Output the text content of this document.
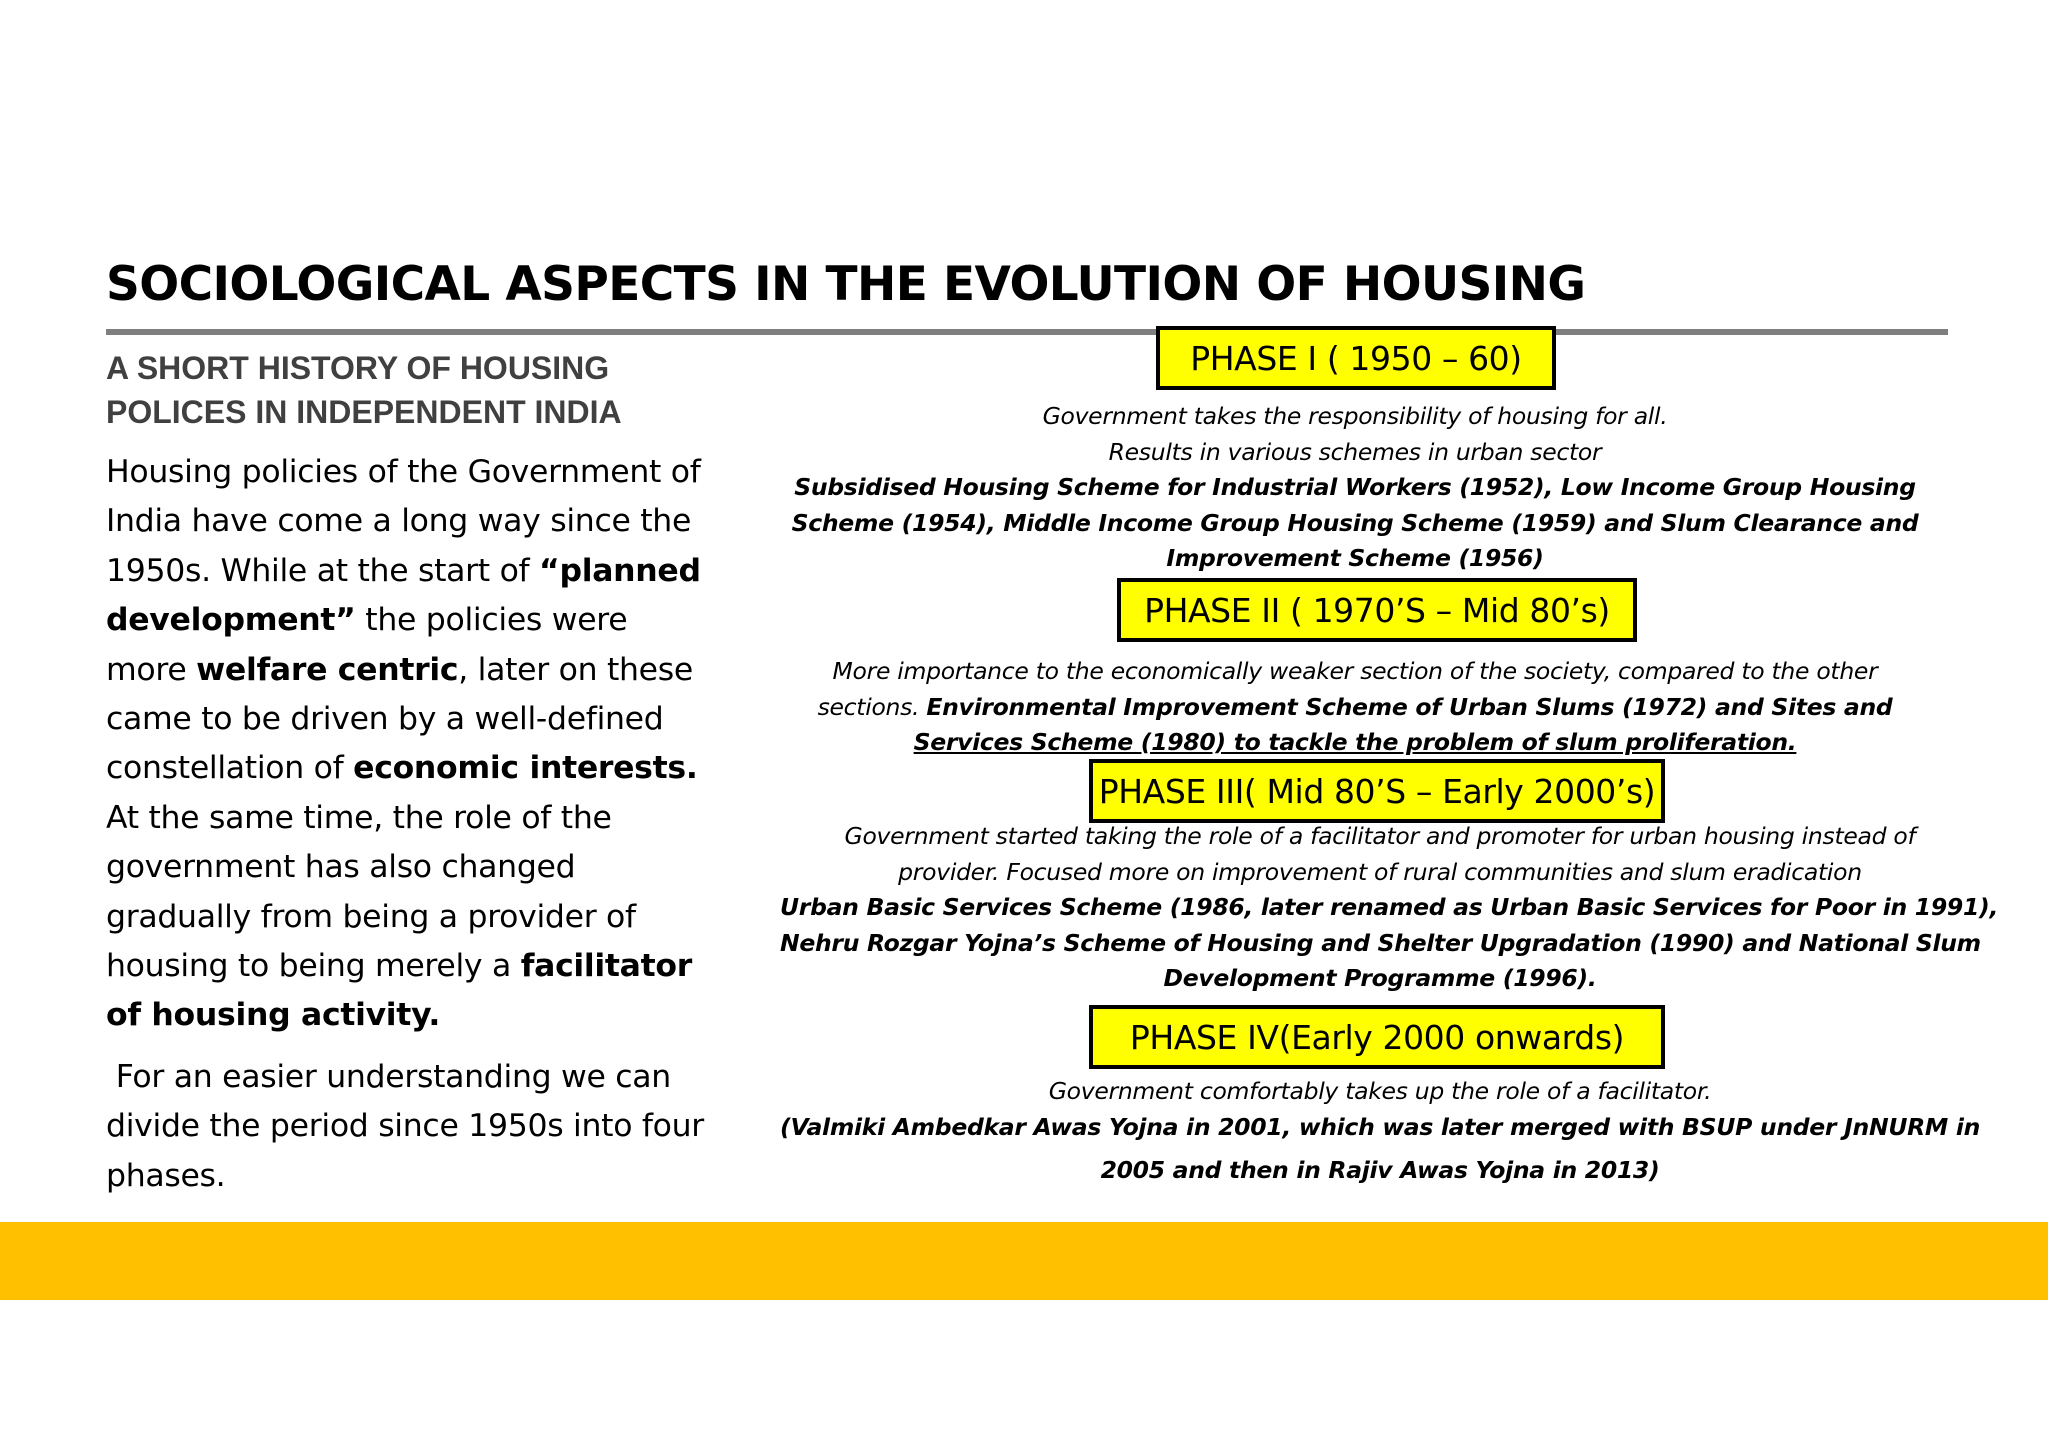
SOCIOLOGICAL ASPECTS IN THE EVOLUTION OF HOUSING
A SHORT HISTORY OF HOUSING
POLICES IN INDEPENDENT INDIA

Housing policies of the Government of India have come a long way since the 1950s. While at the start of “planned development” the policies were more welfare centric, later on these came to be driven by a well-defined constellation of economic interests. At the same time, the role of the government has also changed gradually from being a provider of housing to being merely a facilitator of housing activity.

For an easier understanding we can divide the period since 1950s into four phases.

PHASE I ( 1950 – 60)
Government takes the responsibility of housing for all.
Results in various schemes in urban sector
Subsidised Housing Scheme for Industrial Workers (1952), Low Income Group Housing
Scheme (1954), Middle Income Group Housing Scheme (1959) and Slum Clearance and
Improvement Scheme (1956)
PHASE II ( 1970’S – Mid 80’s)
More importance to the economically weaker section of the society, compared to the other
sections. Environmental Improvement Scheme of Urban Slums (1972) and Sites and
Services Scheme (1980) to tackle the problem of slum proliferation.
PHASE III( Mid 80’S – Early 2000’s)
Government started taking the role of a facilitator and promoter for urban housing instead of
provider. Focused more on improvement of rural communities and slum eradication
Urban Basic Services Scheme (1986, later renamed as Urban Basic Services for Poor in 1991),
Nehru Rozgar Yojna’s Scheme of Housing and Shelter Upgradation (1990) and National Slum
Development Programme (1996).
PHASE IV(Early 2000 onwards)
Government comfortably takes up the role of a facilitator.
(Valmiki Ambedkar Awas Yojna in 2001, which was later merged with BSUP under JnNURM in
2005 and then in Rajiv Awas Yojna in 2013)
